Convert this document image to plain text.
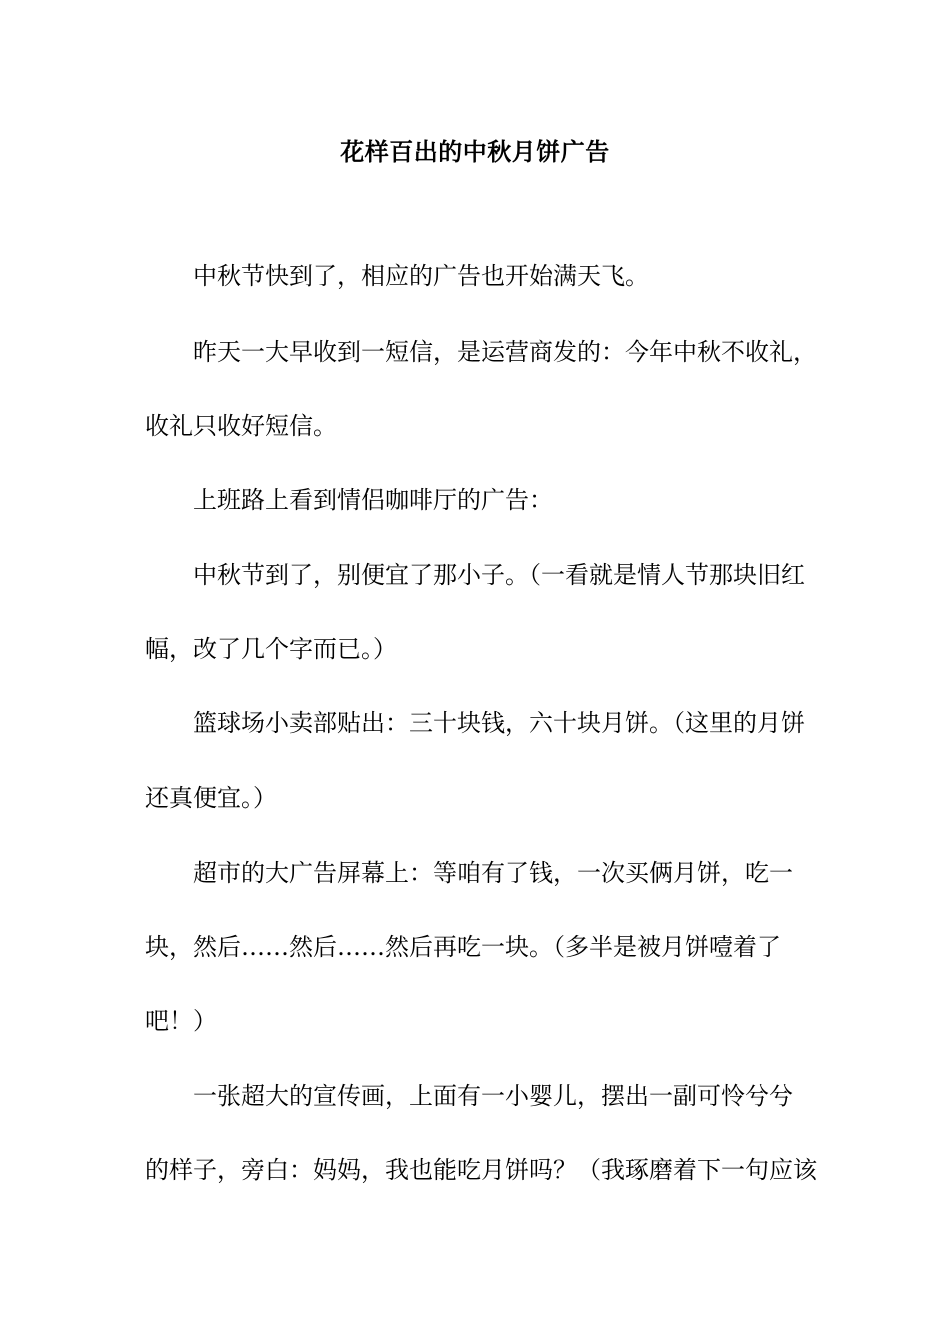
花样百出的中秋月饼广告
中秋节快到了，相应的广告也开始满天飞。
昨天一大早收到一短信，是运营商发的：今年中秋不收礼，
收礼只收好短信。
上班路上看到情侣咖啡厅的广告：
中秋节到了，别便宜了那小子。（一看就是情人节那块旧红
幅，改了几个字而已。）
篮球场小卖部贴出：三十块钱，六十块月饼。（这里的月饼
还真便宜。）
超市的大广告屏幕上：等咱有了钱，一次买俩月饼，吃一
块，然后……然后……然后再吃一块。（多半是被月饼噎着了
吧！）
一张超大的宣传画，上面有一小婴儿，摆出一副可怜兮兮
的样子，旁白：妈妈，我也能吃月饼吗？（我琢磨着下一句应该
